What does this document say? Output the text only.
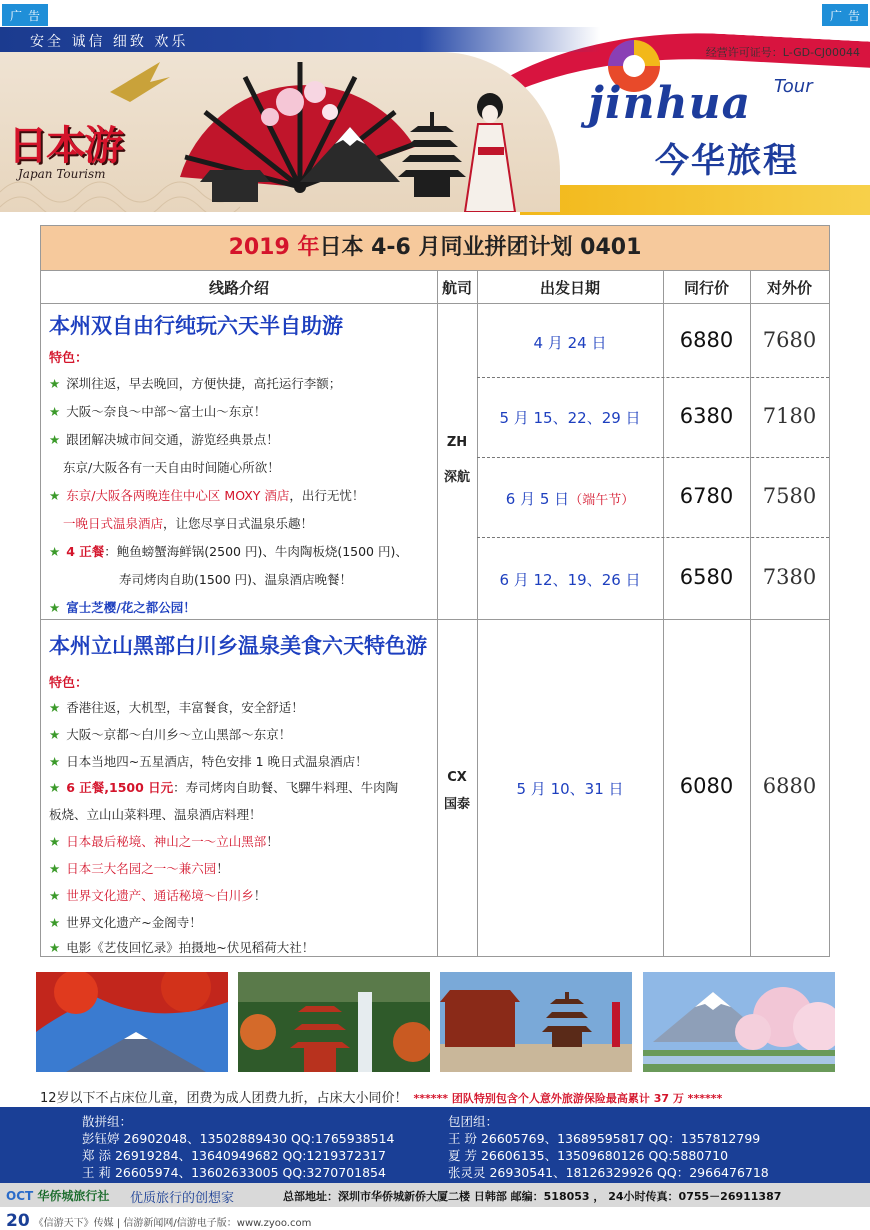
日本游
Japan Tourism
安全 诚信 细致 欢乐
广告	广告
经营许可证号：L-GD-CJ00044
jinhua Tour
今华旅程
2019 年日本 4-6 月同业拼团计划 0401
线路介绍	航司	出发日期	同行价	对外价
本州双自由行纯玩六天半自助游
特色：
★ 深圳往返，早去晚回，方便快捷，高托运行李额；
★ 大阪～奈良～中部～富士山～东京！
★ 跟团解决城市间交通，游览经典景点！
东京/大阪各有一天自由时间随心所欲！
★ 东京/大阪各两晚连住中心区 MOXY 酒店，出行无忧！
一晚日式温泉酒店，让您尽享日式温泉乐趣！
★ 4 正餐：鲍鱼螃蟹海鲜锅(2500 円)、牛肉陶板烧(1500 円)、
寿司烤肉自助(1500 円)、温泉酒店晚餐！
★ 富士芝樱/花之都公园！
ZH
深航
4 月 24 日	6880	7680
5 月 15、22、29 日	6380	7180
6 月 5 日（端午节）	6780	7580
6 月 12、19、26 日	6580	7380
本州立山黑部白川乡温泉美食六天特色游
特色：
★ 香港往返，大机型，丰富餐食，安全舒适！
★ 大阪～京都～白川乡～立山黑部～东京！
★ 日本当地四~五星酒店，特色安排 1 晚日式温泉酒店！
★ 6 正餐,1500 日元：寿司烤肉自助餐、飞驒牛料理、牛肉陶
板烧、立山山菜料理、温泉酒店料理！
★ 日本最后秘境、神山之一～立山黑部！
★ 日本三大名园之一～兼六园！
★ 世界文化遗产、通话秘境～白川乡！
★ 世界文化遗产~金阁寺！
★ 电影《艺伎回忆录》拍摄地~伏见稻荷大社！
CX
国泰
5 月 10、31 日	6080	6880
12岁以下不占床位儿童，团费为成人团费九折，占床大小同价！ ****** 团队特别包含个人意外旅游保险最高累计 37 万 ******
散拼组：
彭钰婷 26902048、13502889430 QQ:1765938514
郑 添 26919284、13640949682 QQ:1219372317
王 莉 26605974、13602633005 QQ:3270701854
包团组：
王 玢 26605769、13689595817 QQ：1357812799
夏 芳 26606135、13509680126 QQ:5880710
张灵灵 26930541、18126329926 QQ：2966476718
OCT 华侨城旅行社 优质旅行的创想家	总部地址：深圳市华侨城新侨大厦二楼 日韩部 邮编：518053 ， 24小时传真：0755－26911387
20 《信游天下》传媒 | 信游新闻网/信游电子版：www.zyoo.com
